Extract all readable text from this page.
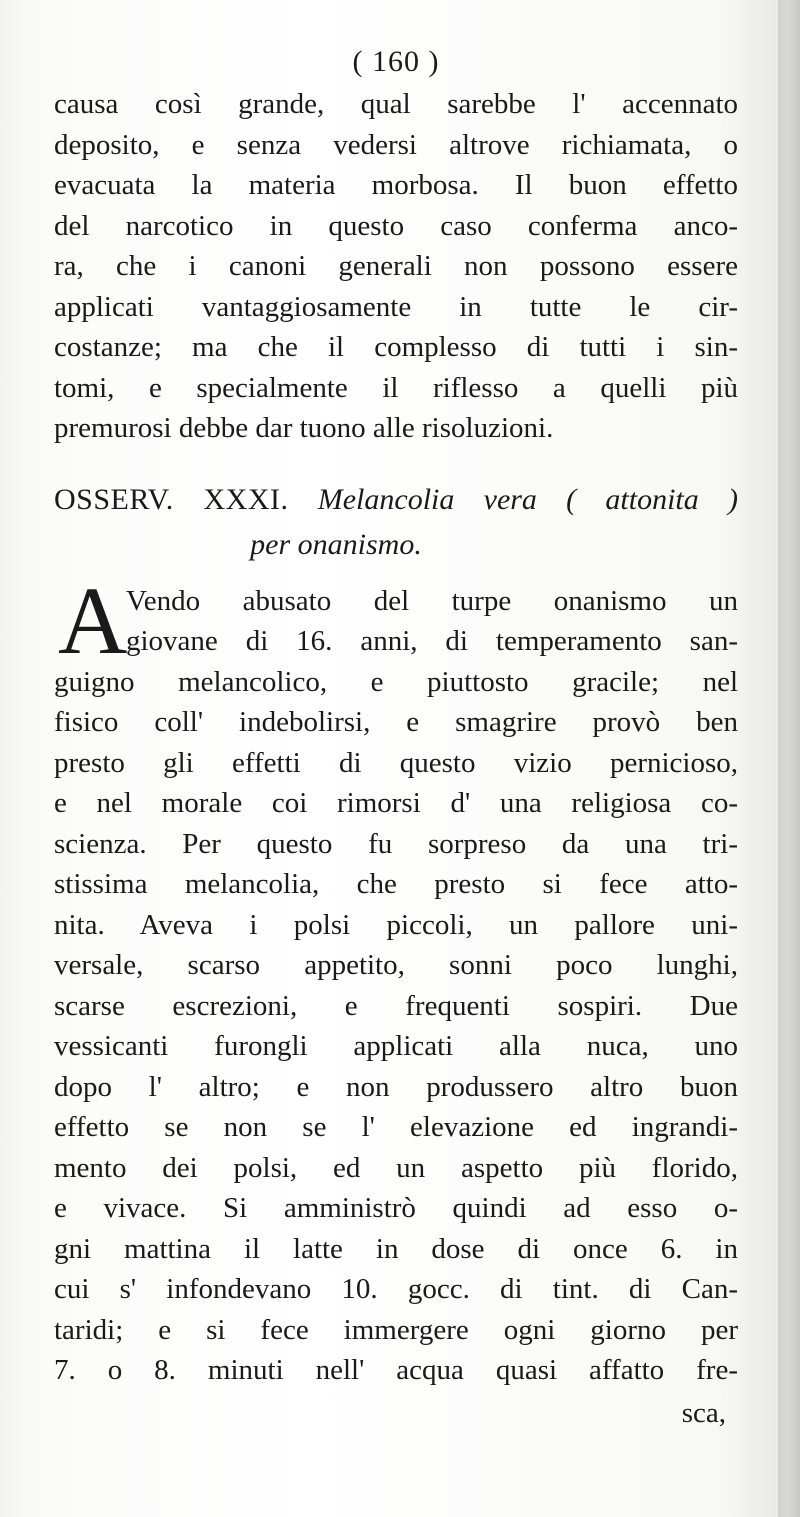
( 160 )
causa così grande, qual sarebbe l' accennato
deposito, e senza vedersi altrove richiamata, o
evacuata la materia morbosa. Il buon effetto
del narcotico in questo caso conferma anco-
ra, che i canoni generali non possono essere
applicati vantaggiosamente in tutte le cir-
costanze; ma che il complesso di tutti i sin-
tomi, e specialmente il riflesso a quelli più
premurosi debbe dar tuono alle risoluzioni.
OSSERV. XXXI. Melancolia vera ( attonita )
per onanismo.
A
Vendo abusato del turpe onanismo un
giovane di 16. anni, di temperamento san-
guigno melancolico, e piuttosto gracile; nel
fisico coll' indebolirsi, e smagrire provò ben
presto gli effetti di questo vizio pernicioso,
e nel morale coi rimorsi d' una religiosa co-
scienza. Per questo fu sorpreso da una tri-
stissima melancolia, che presto si fece atto-
nita. Aveva i polsi piccoli, un pallore uni-
versale, scarso appetito, sonni poco lunghi,
scarse escrezioni, e frequenti sospiri. Due
vessicanti furongli applicati alla nuca, uno
dopo l' altro; e non produssero altro buon
effetto se non se l' elevazione ed ingrandi-
mento dei polsi, ed un aspetto più florido,
e vivace. Si amministrò quindi ad esso o-
gni mattina il latte in dose di once 6. in
cui s' infondevano 10. gocc. di tint. di Can-
taridi; e si fece immergere ogni giorno per
7. o 8. minuti nell' acqua quasi affatto fre-
sca,
